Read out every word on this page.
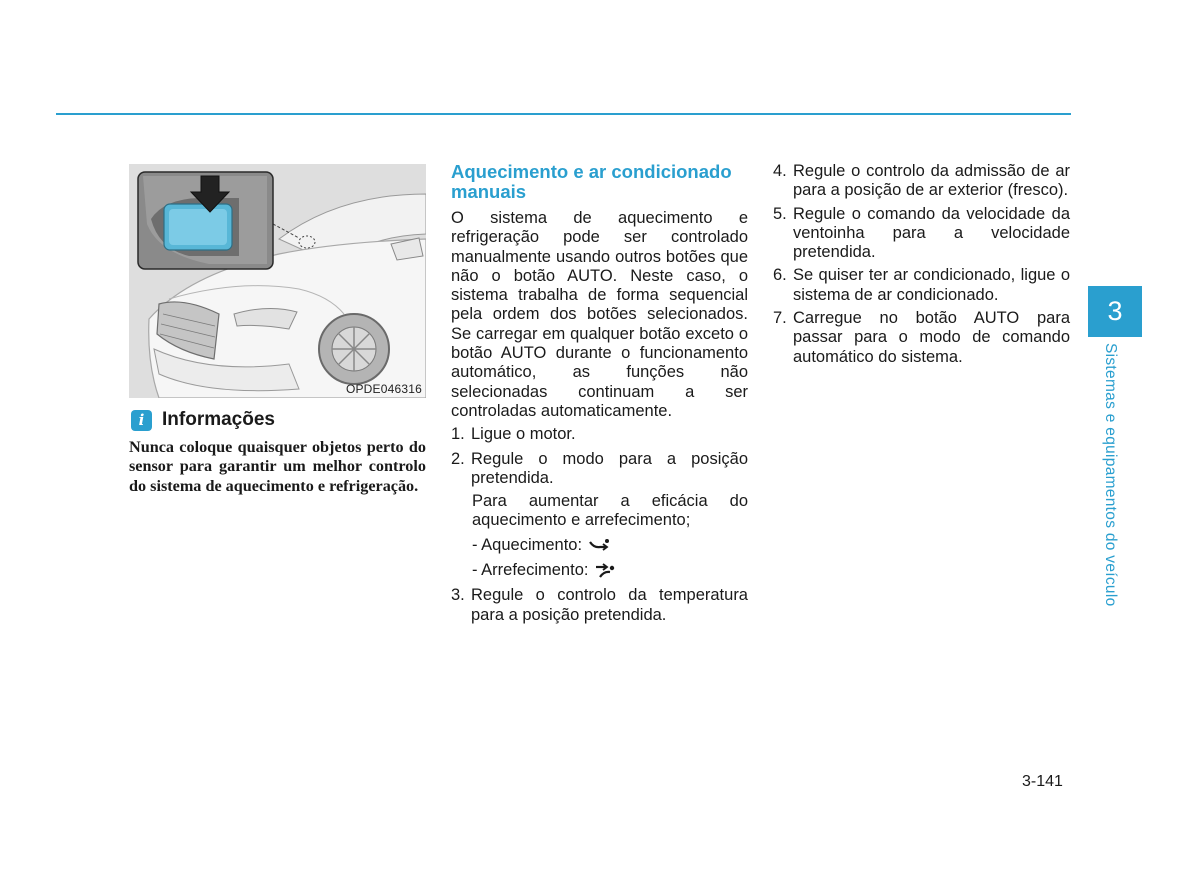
OPDE046316
i Informações

Nunca coloque quaisquer objetos perto do sensor para garantir um melhor controlo do sistema de aquecimento e refrigeração.

Aquecimento e ar condicionado manuais

O sistema de aquecimento e refrigeração pode ser controlado manualmente usando outros botões que não o botão AUTO. Neste caso, o sistema trabalha de forma sequencial pela ordem dos botões selecionados. Se carregar em qualquer botão exceto o botão AUTO durante o funcionamento automático, as funções não selecionadas continuam a ser controladas automaticamente.

1. Ligue o motor.
2. Regule o modo para a posição pretendida.
Para aumentar a eficácia do aquecimento e arrefecimento;
- Aquecimento:
- Arrefecimento:
3. Regule o controlo da temperatura para a posição pretendida.
4. Regule o controlo da admissão de ar para a posição de ar exterior (fresco).
5. Regule o comando da velocidade da ventoinha para a velocidade pretendida.
6. Se quiser ter ar condicionado, ligue o sistema de ar condicionado.
7. Carregue no botão AUTO para passar para o modo de comando automático do sistema.
3
Sistemas e equipamentos do veículo
3-141
